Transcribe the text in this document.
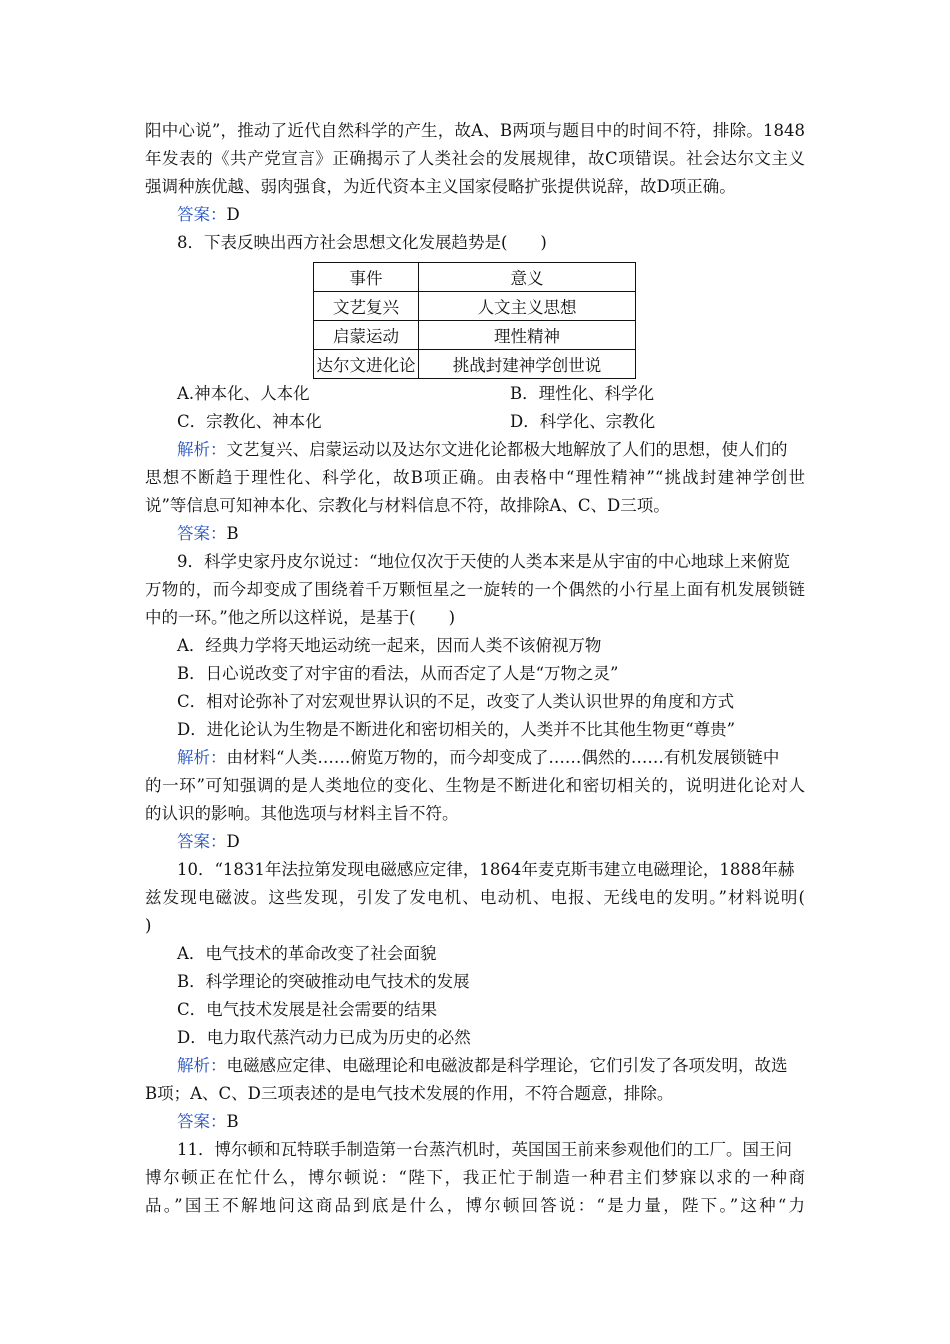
阳中心说”，推动了近代自然科学的产生，故A、B两项与题目中的时间不符，排除。1848
年发表的《共产党宣言》正确揭示了人类社会的发展规律，故C项错误。社会达尔文主义
强调种族优越、弱肉强食，为近代资本主义国家侵略扩张提供说辞，故D项正确。
答案：D
8．下表反映出西方社会思想文化发展趋势是(　　)
事件	意义
文艺复兴	人文主义思想
启蒙运动	理性精神
达尔文进化论	挑战封建神学创世说
A.神本化、人本化	B．理性化、科学化
C．宗教化、神本化	D．科学化、宗教化
解析：文艺复兴、启蒙运动以及达尔文进化论都极大地解放了人们的思想，使人们的
思想不断趋于理性化、科学化，故B项正确。由表格中“理性精神”“挑战封建神学创世
说”等信息可知神本化、宗教化与材料信息不符，故排除A、C、D三项。
答案：B
9．科学史家丹皮尔说过：“地位仅次于天使的人类本来是从宇宙的中心地球上来俯览
万物的，而今却变成了围绕着千万颗恒星之一旋转的一个偶然的小行星上面有机发展锁链
中的一环。”他之所以这样说，是基于(　　)
A．经典力学将天地运动统一起来，因而人类不该俯视万物
B．日心说改变了对宇宙的看法，从而否定了人是“万物之灵”
C．相对论弥补了对宏观世界认识的不足，改变了人类认识世界的角度和方式
D．进化论认为生物是不断进化和密切相关的，人类并不比其他生物更“尊贵”
解析：由材料“人类……俯览万物的，而今却变成了……偶然的……有机发展锁链中
的一环”可知强调的是人类地位的变化、生物是不断进化和密切相关的，说明进化论对人
的认识的影响。其他选项与材料主旨不符。
答案：D
10．“1831年法拉第发现电磁感应定律，1864年麦克斯韦建立电磁理论，1888年赫
兹发现电磁波。这些发现，引发了发电机、电动机、电报、无线电的发明。”材料说明(
)
A．电气技术的革命改变了社会面貌
B．科学理论的突破推动电气技术的发展
C．电气技术发展是社会需要的结果
D．电力取代蒸汽动力已成为历史的必然
解析：电磁感应定律、电磁理论和电磁波都是科学理论，它们引发了各项发明，故选
B项；A、C、D三项表述的是电气技术发展的作用，不符合题意，排除。
答案：B
11．博尔顿和瓦特联手制造第一台蒸汽机时，英国国王前来参观他们的工厂。国王问
博尔顿正在忙什么，博尔顿说：“陛下，我正忙于制造一种君主们梦寐以求的一种商
品。”国王不解地问这商品到底是什么，博尔顿回答说：“是力量，陛下。”这种“力
